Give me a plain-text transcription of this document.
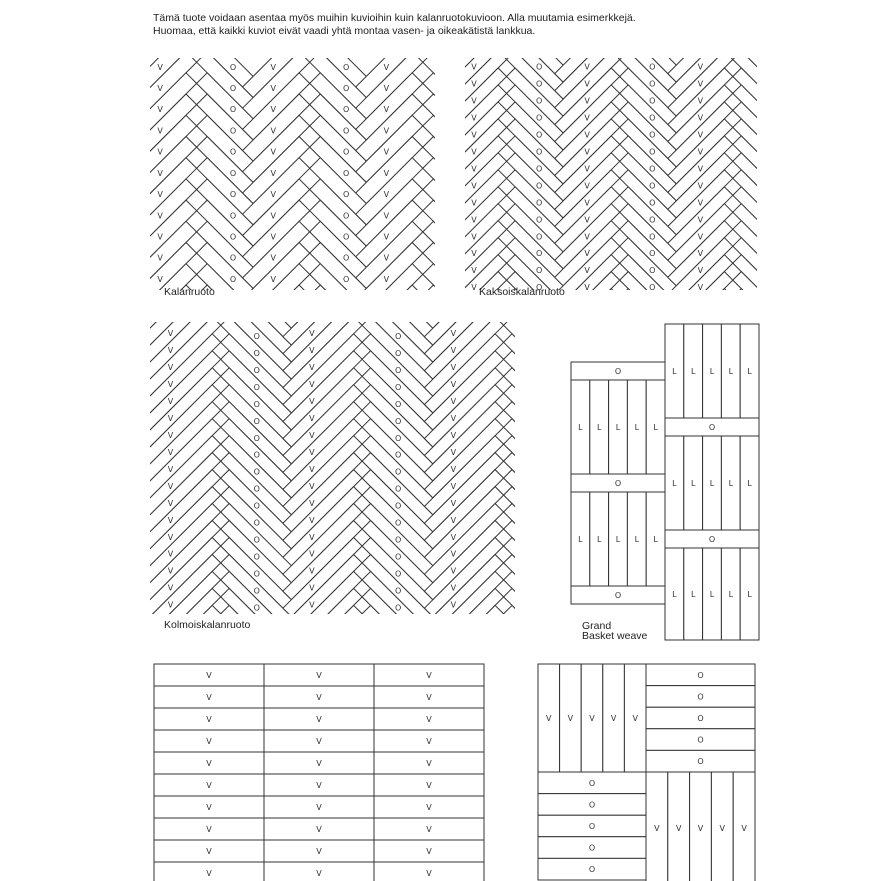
Tämä tuote voidaan asentaa myös muihin kuvioihin kuin kalanruotokuvioon. Alla muutamia esimerkkejä.
Huomaa, että kaikki kuviot eivät vaadi yhtä montaa vasen- ja oikeakätistä lankkua.
V	O	V	O	V	O	V	O	V
V	O	V	O	V	O	V	O
V	O	V	O	V	O	V	O
V	O	V	O	V	O	V	O
V	O	V	O	V	O	V	O	V
V	O	V	O	V	O	V	O
V	O	V	O	V	O	V	O
V	O	V	O	V	O	V	O
V	O	V	O	V	O	V	O	V
V	O	V	O	V	O	V	O
V	O	V	O	V	O	V	O
V	O	V	O	V	O	V	O	V	O
V	O	V	O	V	O	V	O	V	O
V	O	O
V	O	V
V	O	V
V	O
V	O
V	O
V	O
V	O
V	O
V	O
V	O
V	O
V	O
V	O
V	O
V	O
V	O
V	O
V	O
V	O
V	O
V	O
V	O
O
O
V	O
V	O
V	O
V	O
V	O
V	O
V	O
V	O
O	V	O
V	O
V	O
V	O
V	O
V	O
V	O
V	O
O
V	O
V	O
V	O
V	O
V	O
V	O
V	O
V	O
O
O
V	O
V	O
V	O
V	O
V	O
V	O
V	O
V	O
V	O
V	O
V	O
V	O
V	O
V	O
V	O
V	O
O
V	O
V	O
V	O
V	O
V	O
V	O
V	O
V	O
V	O
V	O
V
V	O
O
V	O
V	O
V	O
O
V	O
V	O
V
V
O
O
V	O	O
O
V	O
V	O
V
V
O
O
O
O
V	O
V	O
V
V
O
O
O
O
V	O
V	O
V
V
O
O
O
O
V	O
V	O
V
V
O
O
O
O
V	O
V	O
V
O
V
O
V
O
V
V
O
V
O
V
V
O
V
O
V
V
O
V
O
V
O
V
O
V
O
V
O
V
O
V
O
V
O
V
O
V
O
V
O
V
O
V
O
V
O
V
O
V
O
V
O
V
O
V
O
V
O
V
O
V
O
V
O
V
O
V
O
V
O
V
O
V
O
V
O
V
O
V
O
V
O
V
O
V
O
V
O
V
O
V
O
V
O
V
O
V
O
V
O
V
O
V
O
V
O
V
O
V
O
V
O
V
O
V
O
V
O
V
O
V
O
V
O
V
O
V
O
V
O
V
O
V
O
V
O
V
O
V
O
V
O
V
O
V
O
V
O
V
O
V
O
V
O
V
O
V
O
V
O
V
O
V
O
V
O
V
O
V
O
V
O
O	V
O
O	V
O
O
V
O
V
O
V
O
V
O
V
O
V
O
O
L L L L L
O
L L L L L
O
L L L L L
O
L L L L L
O
L L L L L
V	V	V
V	V	V
V	V	V
V	V	V
V	V	V
V	V	V
V	V	V
V	V	V
V	V	V
V	V	V
V V V V V
O
O
O
O
O
O
O
O
O
O
V V V V V
Kalanruoto	Kaksoiskalanruoto
Kolmoiskalanruoto	Grand
Basket weave
